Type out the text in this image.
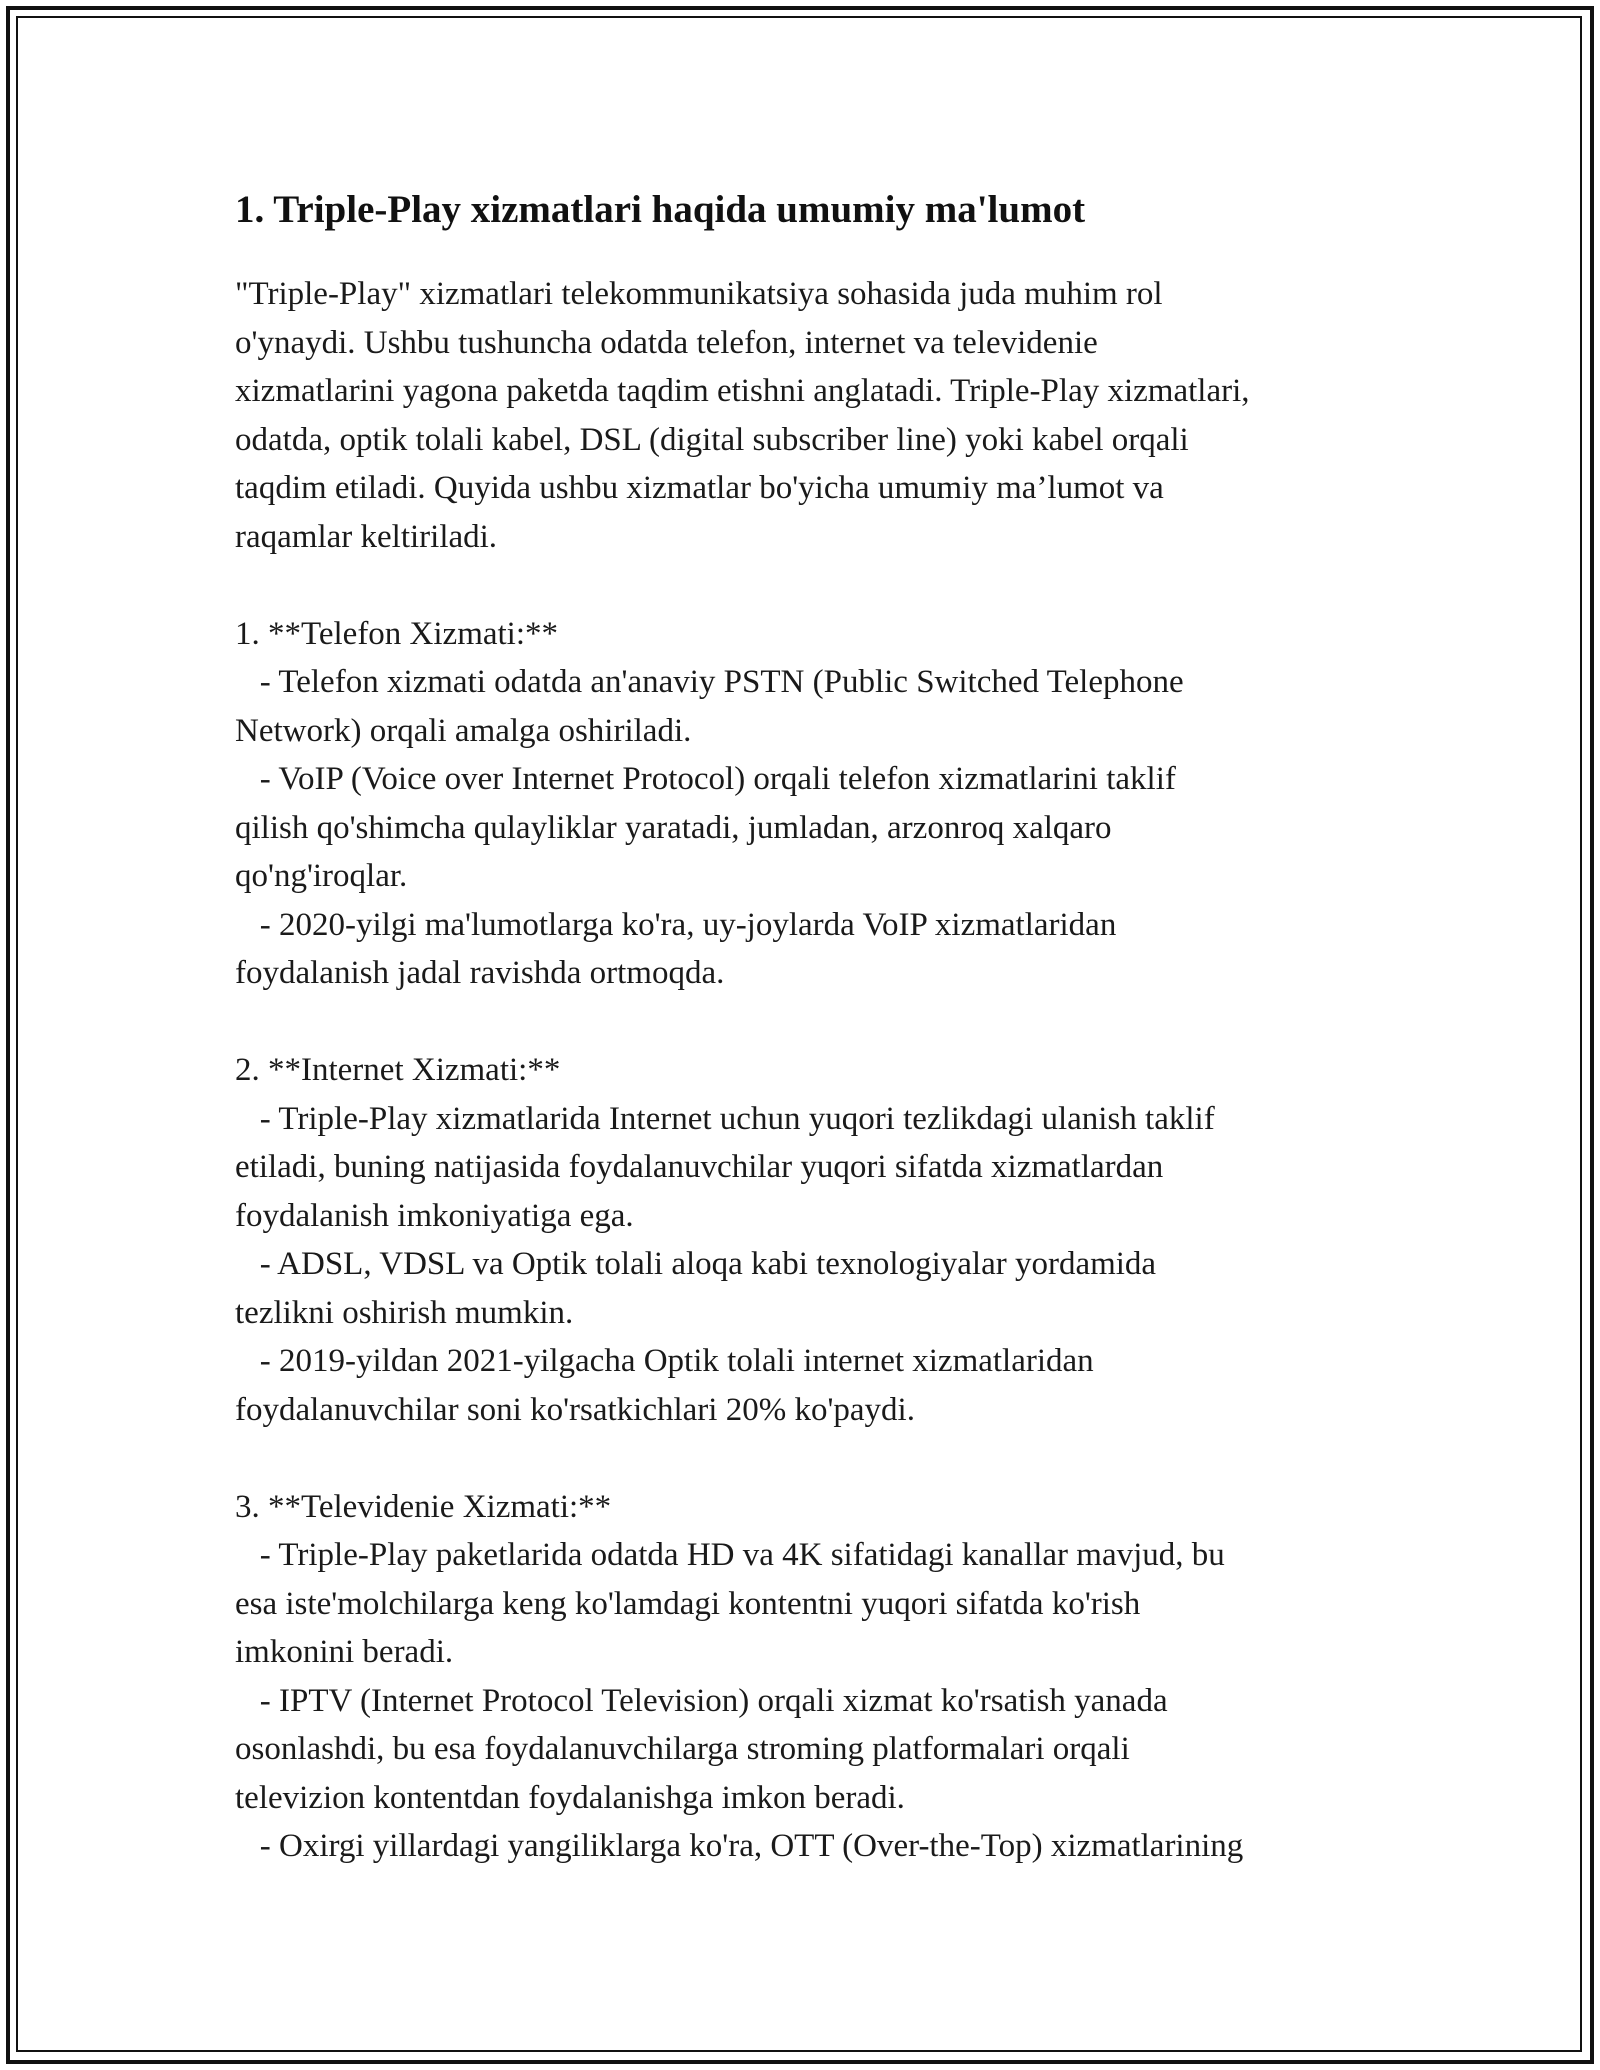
1. Triple-Play xizmatlari haqida umumiy ma'lumot

"Triple-Play" xizmatlari telekommunikatsiya sohasida juda muhim rol
o'ynaydi. Ushbu tushuncha odatda telefon, internet va televidenie
xizmatlarini yagona paketda taqdim etishni anglatadi. Triple-Play xizmatlari,
odatda, optik tolali kabel, DSL (digital subscriber line) yoki kabel orqali
taqdim etiladi. Quyida ushbu xizmatlar bo'yicha umumiy ma’lumot va
raqamlar keltiriladi.

1. **Telefon Xizmati:**
- Telefon xizmati odatda an'anaviy PSTN (Public Switched Telephone
Network) orqali amalga oshiriladi.
- VoIP (Voice over Internet Protocol) orqali telefon xizmatlarini taklif
qilish qo'shimcha qulayliklar yaratadi, jumladan, arzonroq xalqaro
qo'ng'iroqlar.
- 2020-yilgi ma'lumotlarga ko'ra, uy-joylarda VoIP xizmatlaridan
foydalanish jadal ravishda ortmoqda.

2. **Internet Xizmati:**
- Triple-Play xizmatlarida Internet uchun yuqori tezlikdagi ulanish taklif
etiladi, buning natijasida foydalanuvchilar yuqori sifatda xizmatlardan
foydalanish imkoniyatiga ega.
- ADSL, VDSL va Optik tolali aloqa kabi texnologiyalar yordamida
tezlikni oshirish mumkin.
- 2019-yildan 2021-yilgacha Optik tolali internet xizmatlaridan
foydalanuvchilar soni ko'rsatkichlari 20% ko'paydi.

3. **Televidenie Xizmati:**
- Triple-Play paketlarida odatda HD va 4K sifatidagi kanallar mavjud, bu
esa iste'molchilarga keng ko'lamdagi kontentni yuqori sifatda ko'rish
imkonini beradi.
- IPTV (Internet Protocol Television) orqali xizmat ko'rsatish yanada
osonlashdi, bu esa foydalanuvchilarga stroming platformalari orqali
televizion kontentdan foydalanishga imkon beradi.
- Oxirgi yillardagi yangiliklarga ko'ra, OTT (Over-the-Top) xizmatlarining
